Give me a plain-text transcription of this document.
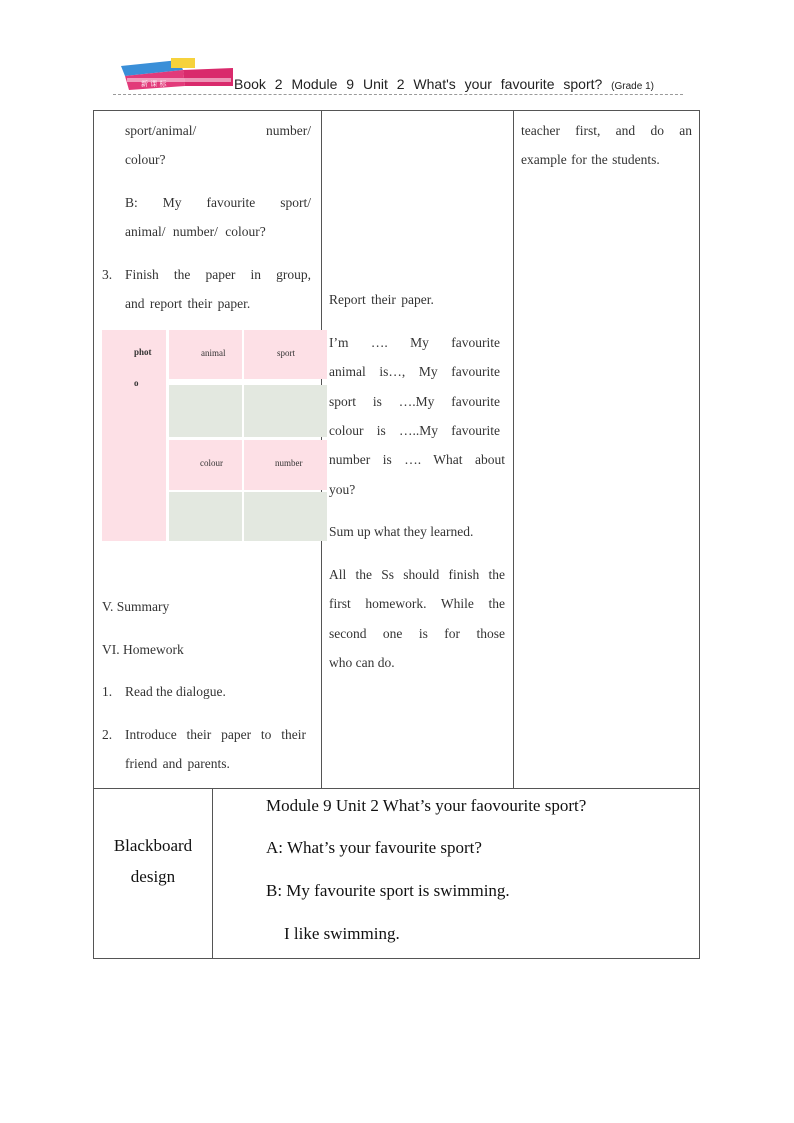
新 课 标	Book 2 Module 9 Unit 2 What's your favourite sport? (Grade 1)
sport/animal/ number/
colour?
B: My favourite sport/
animal/ number/ colour?
3. Finish the paper in group,
and report their paper.
phot
o
animal	sport
colour	number
V. Summary
VI. Homework
1. Read the dialogue.
2. Introduce their paper to their
friend and parents.
Report their paper.
I’m …. My favourite
animal is…, My favourite
sport is ….My favourite
colour is …..My favourite
number is …. What about
you?
Sum up what they learned.
All the Ss should finish the
first homework. While the
second one is for those
who can do.
teacher first, and do an
example for the students.
Blackboard
design
Module 9 Unit 2 What’s your faovourite sport?
A: What’s your favourite sport?
B: My favourite sport is swimming.
I like swimming.
